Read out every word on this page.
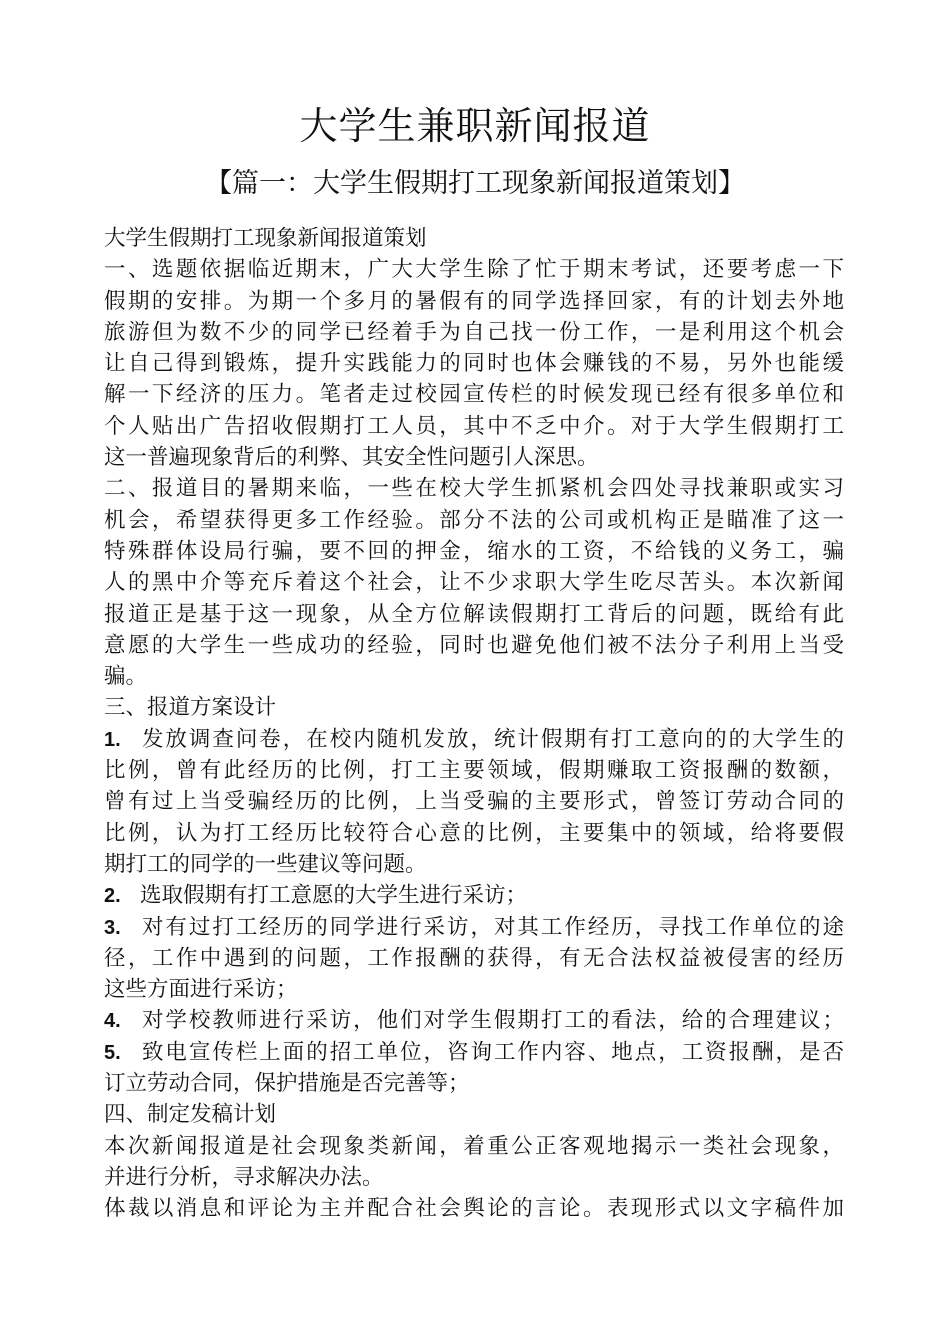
大学生兼职新闻报道
【篇一：大学生假期打工现象新闻报道策划】
大学生假期打工现象新闻报道策划
一、选题依据临近期末，广大大学生除了忙于期末考试，还要考虑一下
假期的安排。为期一个多月的暑假有的同学选择回家，有的计划去外地
旅游但为数不少的同学已经着手为自己找一份工作，一是利用这个机会
让自己得到锻炼，提升实践能力的同时也体会赚钱的不易，另外也能缓
解一下经济的压力。笔者走过校园宣传栏的时候发现已经有很多单位和
个人贴出广告招收假期打工人员，其中不乏中介。对于大学生假期打工
这一普遍现象背后的利弊、其安全性问题引人深思。
二、报道目的暑期来临，一些在校大学生抓紧机会四处寻找兼职或实习
机会，希望获得更多工作经验。部分不法的公司或机构正是瞄准了这一
特殊群体设局行骗，要不回的押金，缩水的工资，不给钱的义务工，骗
人的黑中介等充斥着这个社会，让不少求职大学生吃尽苦头。本次新闻
报道正是基于这一现象，从全方位解读假期打工背后的问题，既给有此
意愿的大学生一些成功的经验，同时也避免他们被不法分子利用上当受
骗。
三、报道方案设计
1. 发放调查问卷，在校内随机发放，统计假期有打工意向的的大学生的
比例，曾有此经历的比例，打工主要领域，假期赚取工资报酬的数额，
曾有过上当受骗经历的比例，上当受骗的主要形式，曾签订劳动合同的
比例，认为打工经历比较符合心意的比例，主要集中的领域，给将要假
期打工的同学的一些建议等问题。
2. 选取假期有打工意愿的大学生进行采访；
3. 对有过打工经历的同学进行采访，对其工作经历，寻找工作单位的途
径，工作中遇到的问题，工作报酬的获得，有无合法权益被侵害的经历
这些方面进行采访；
4. 对学校教师进行采访，他们对学生假期打工的看法，给的合理建议；
5. 致电宣传栏上面的招工单位，咨询工作内容、地点，工资报酬，是否
订立劳动合同，保护措施是否完善等；
四、制定发稿计划
本次新闻报道是社会现象类新闻，着重公正客观地揭示一类社会现象，
并进行分析，寻求解决办法。
体裁以消息和评论为主并配合社会舆论的言论。表现形式以文字稿件加
